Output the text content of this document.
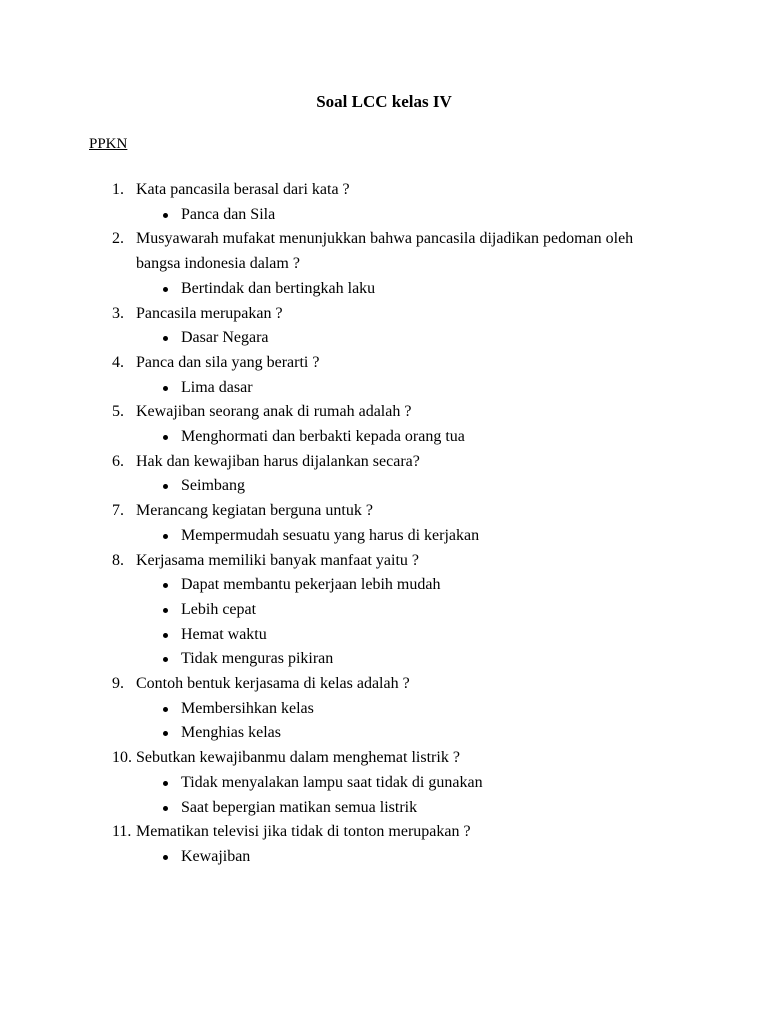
Soal LCC kelas IV
PPKN
1. Kata pancasila berasal dari kata ?
Panca dan Sila
2. Musyawarah mufakat menunjukkan bahwa pancasila dijadikan pedoman oleh bangsa indonesia dalam ?
Bertindak dan bertingkah laku
3. Pancasila merupakan ?
Dasar Negara
4. Panca dan sila yang berarti ?
Lima dasar
5. Kewajiban seorang anak di rumah adalah ?
Menghormati dan berbakti kepada orang tua
6. Hak dan kewajiban harus dijalankan secara?
Seimbang
7. Merancang kegiatan berguna untuk ?
Mempermudah sesuatu yang harus di kerjakan
8. Kerjasama memiliki banyak manfaat yaitu ?
Dapat membantu pekerjaan lebih mudah
Lebih cepat
Hemat waktu
Tidak menguras pikiran
9. Contoh bentuk kerjasama di kelas adalah ?
Membersihkan kelas
Menghias kelas
10. Sebutkan kewajibanmu dalam menghemat listrik ?
Tidak menyalakan lampu saat tidak di gunakan
Saat bepergian matikan semua listrik
11. Mematikan televisi jika tidak di tonton merupakan ?
Kewajiban
